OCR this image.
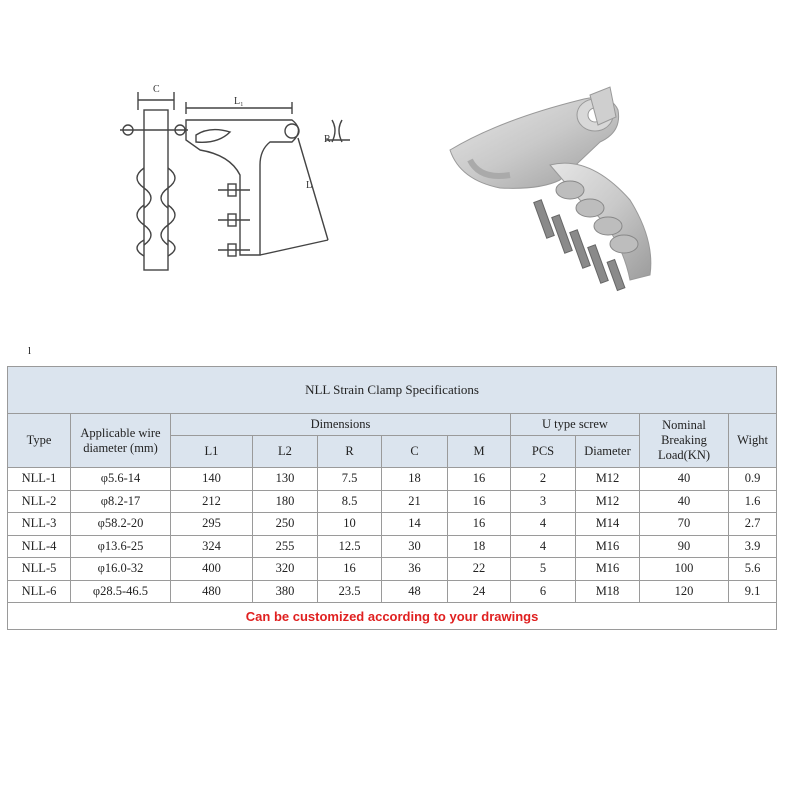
C
L₁
L
R
l
NLL Strain Clamp Specifications										
Type	Applicable wire diameter (mm)	Dimensions					U type screw		Nominal Breaking Load(KN)	Wight
		L1	L2	R	C	M	PCS	Diameter		
NLL-1	φ5.6-14	140	130	7.5	18	16	2	M12	40	0.9
NLL-2	φ8.2-17	212	180	8.5	21	16	3	M12	40	1.6
NLL-3	φ58.2-20	295	250	10	14	16	4	M14	70	2.7
NLL-4	φ13.6-25	324	255	12.5	30	18	4	M16	90	3.9
NLL-5	φ16.0-32	400	320	16	36	22	5	M16	100	5.6
NLL-6	φ28.5-46.5	480	380	23.5	48	24	6	M18	120	9.1
Can be customized according to your drawings										
